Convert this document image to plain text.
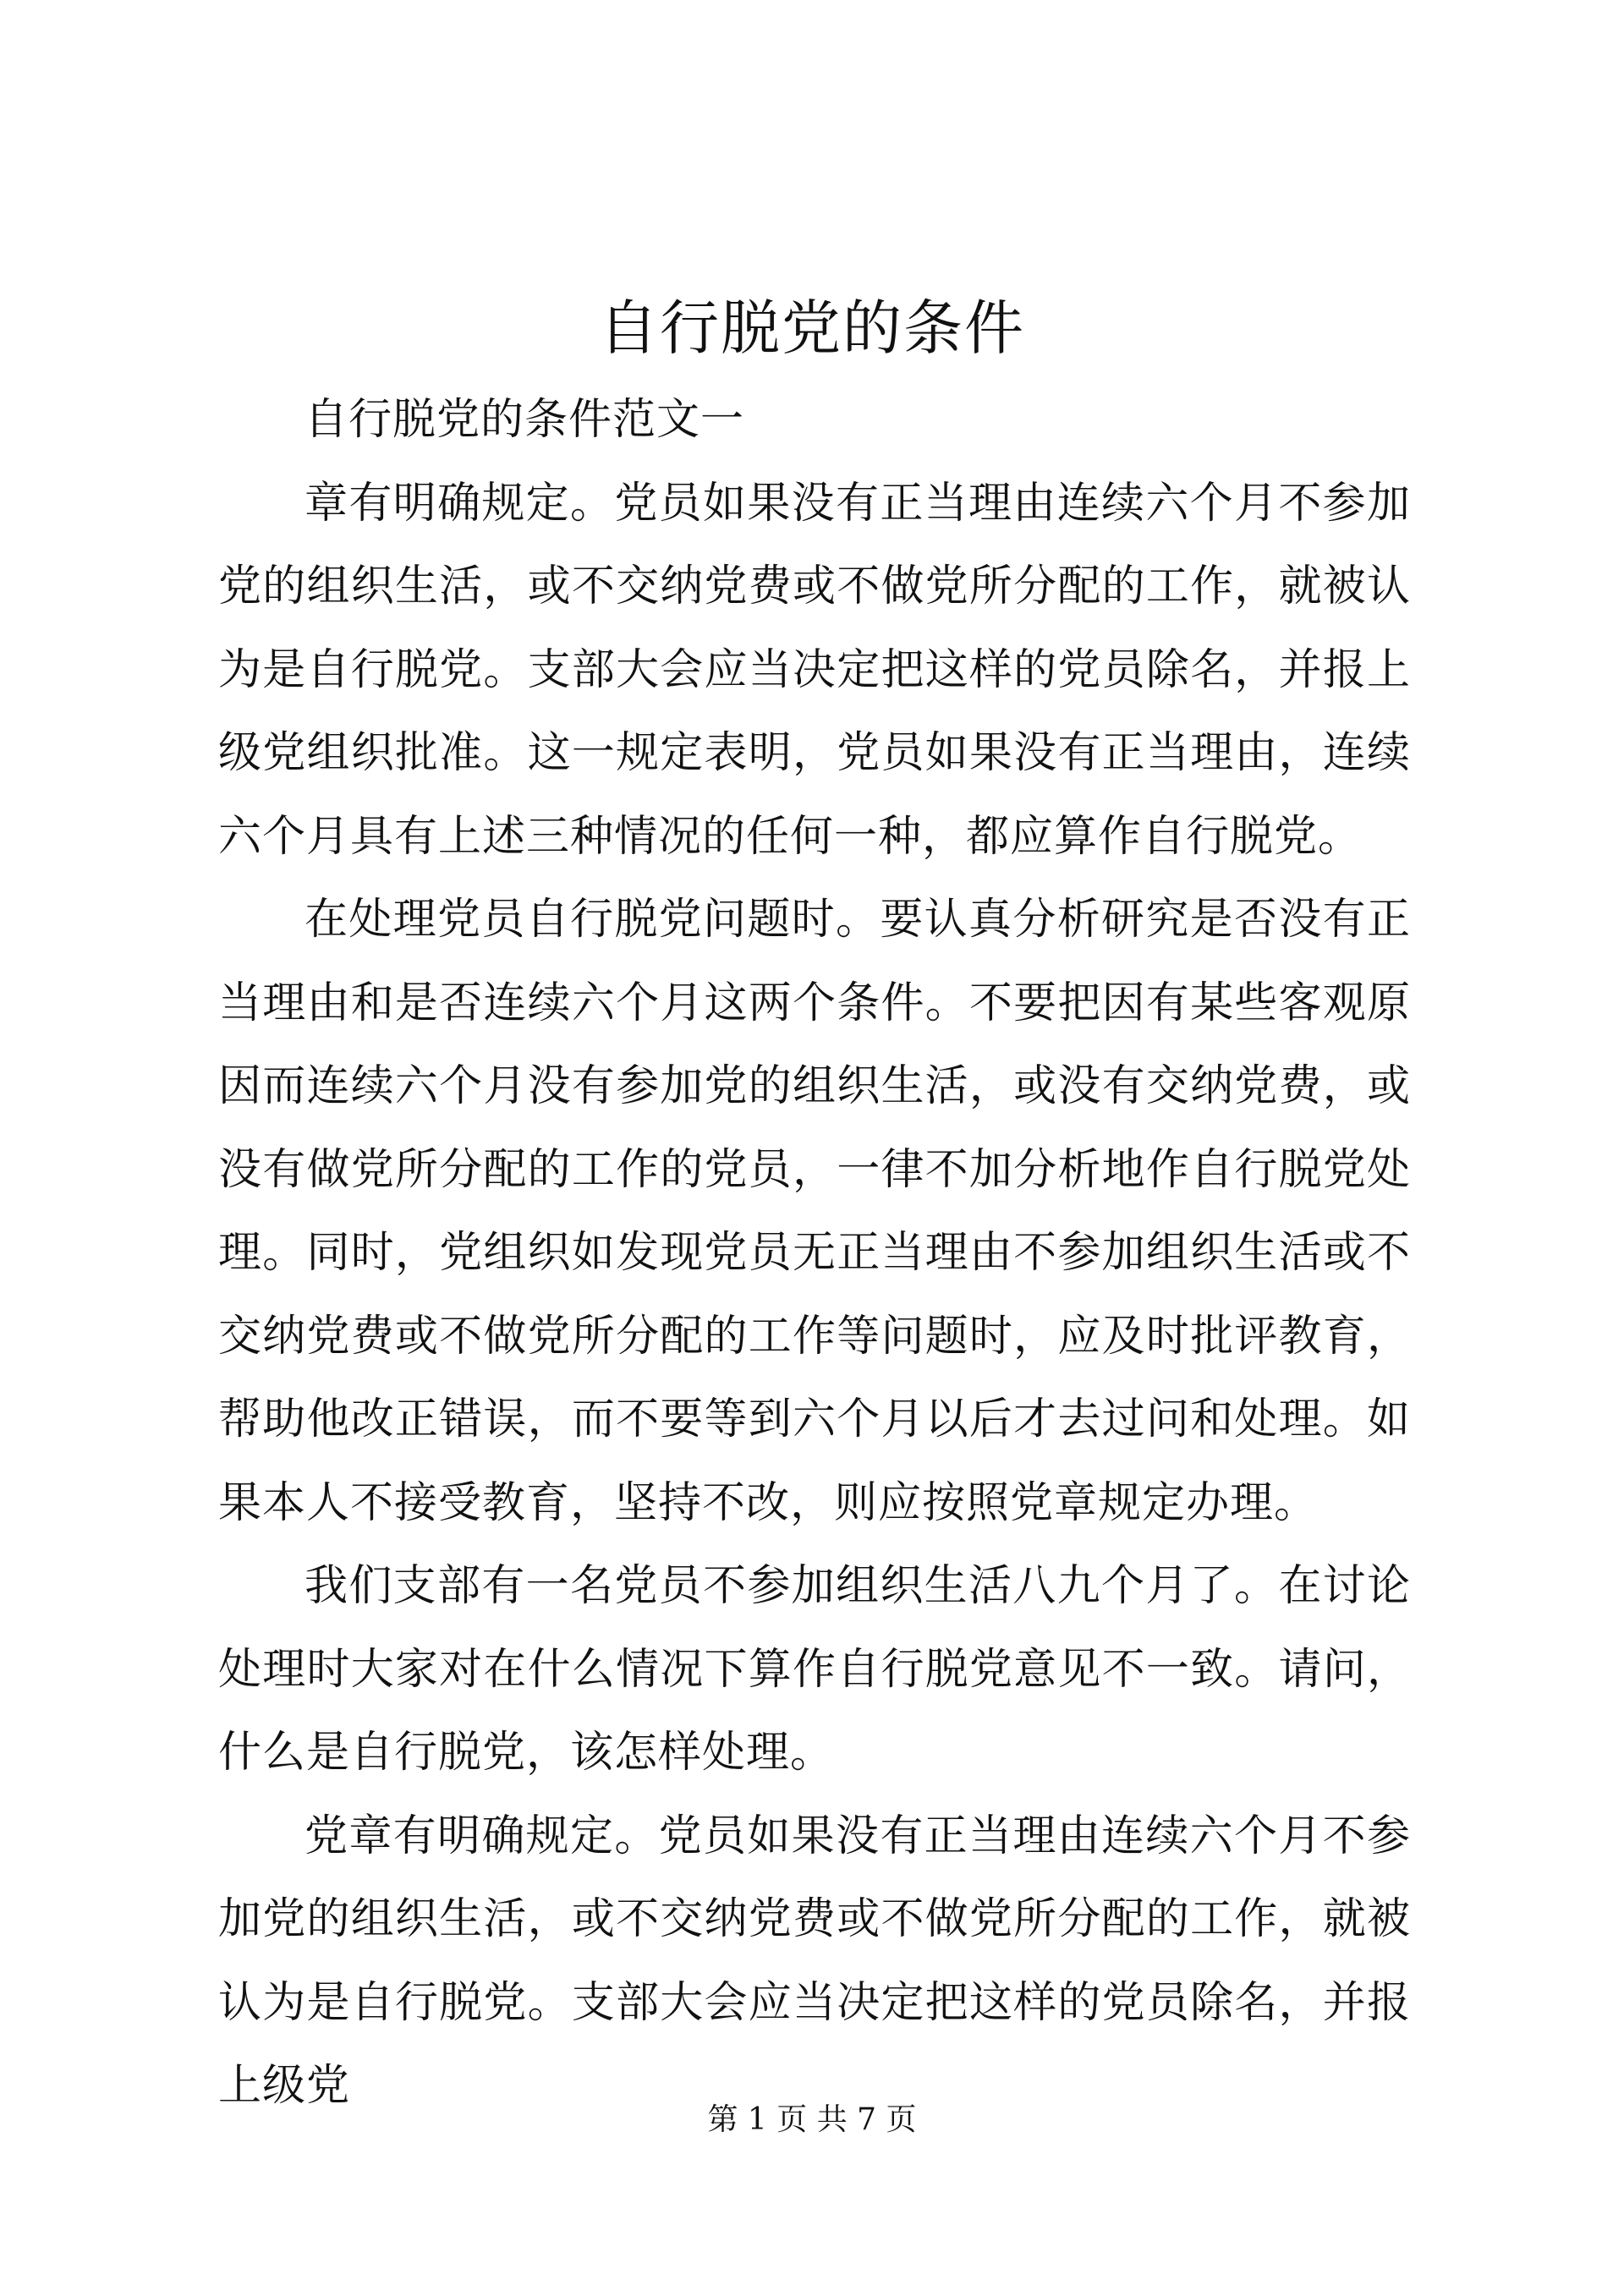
自行脱党的条件

自行脱党的条件范文一

章有明确规定。党员如果没有正当理由连续六个月不参加党的组织生活，或不交纳党费或不做党所分配的工作，就被认为是自行脱党。支部大会应当决定把这样的党员除名，并报上级党组织批准。这一规定表明，党员如果没有正当理由，连续六个月具有上述三种情况的任何一种，都应算作自行脱党。

在处理党员自行脱党问题时。要认真分析研究是否没有正当理由和是否连续六个月这两个条件。不要把因有某些客观原因而连续六个月没有参加党的组织生活，或没有交纳党费，或没有做党所分配的工作的党员，一律不加分析地作自行脱党处理。同时，党组织如发现党员无正当理由不参加组织生活或不交纳党费或不做党所分配的工作等问题时，应及时批评教育，帮助他改正错误，而不要等到六个月以后才去过问和处理。如果本人不接受教育，坚持不改，则应按照党章规定办理。

我们支部有一名党员不参加组织生活八九个月了。在讨论处理时大家对在什么情况下算作自行脱党意见不一致。请问，什么是自行脱党，该怎样处理。

党章有明确规定。党员如果没有正当理由连续六个月不参加党的组织生活，或不交纳党费或不做党所分配的工作，就被认为是自行脱党。支部大会应当决定把这样的党员除名，并报上级党

第 1 页 共 7 页
